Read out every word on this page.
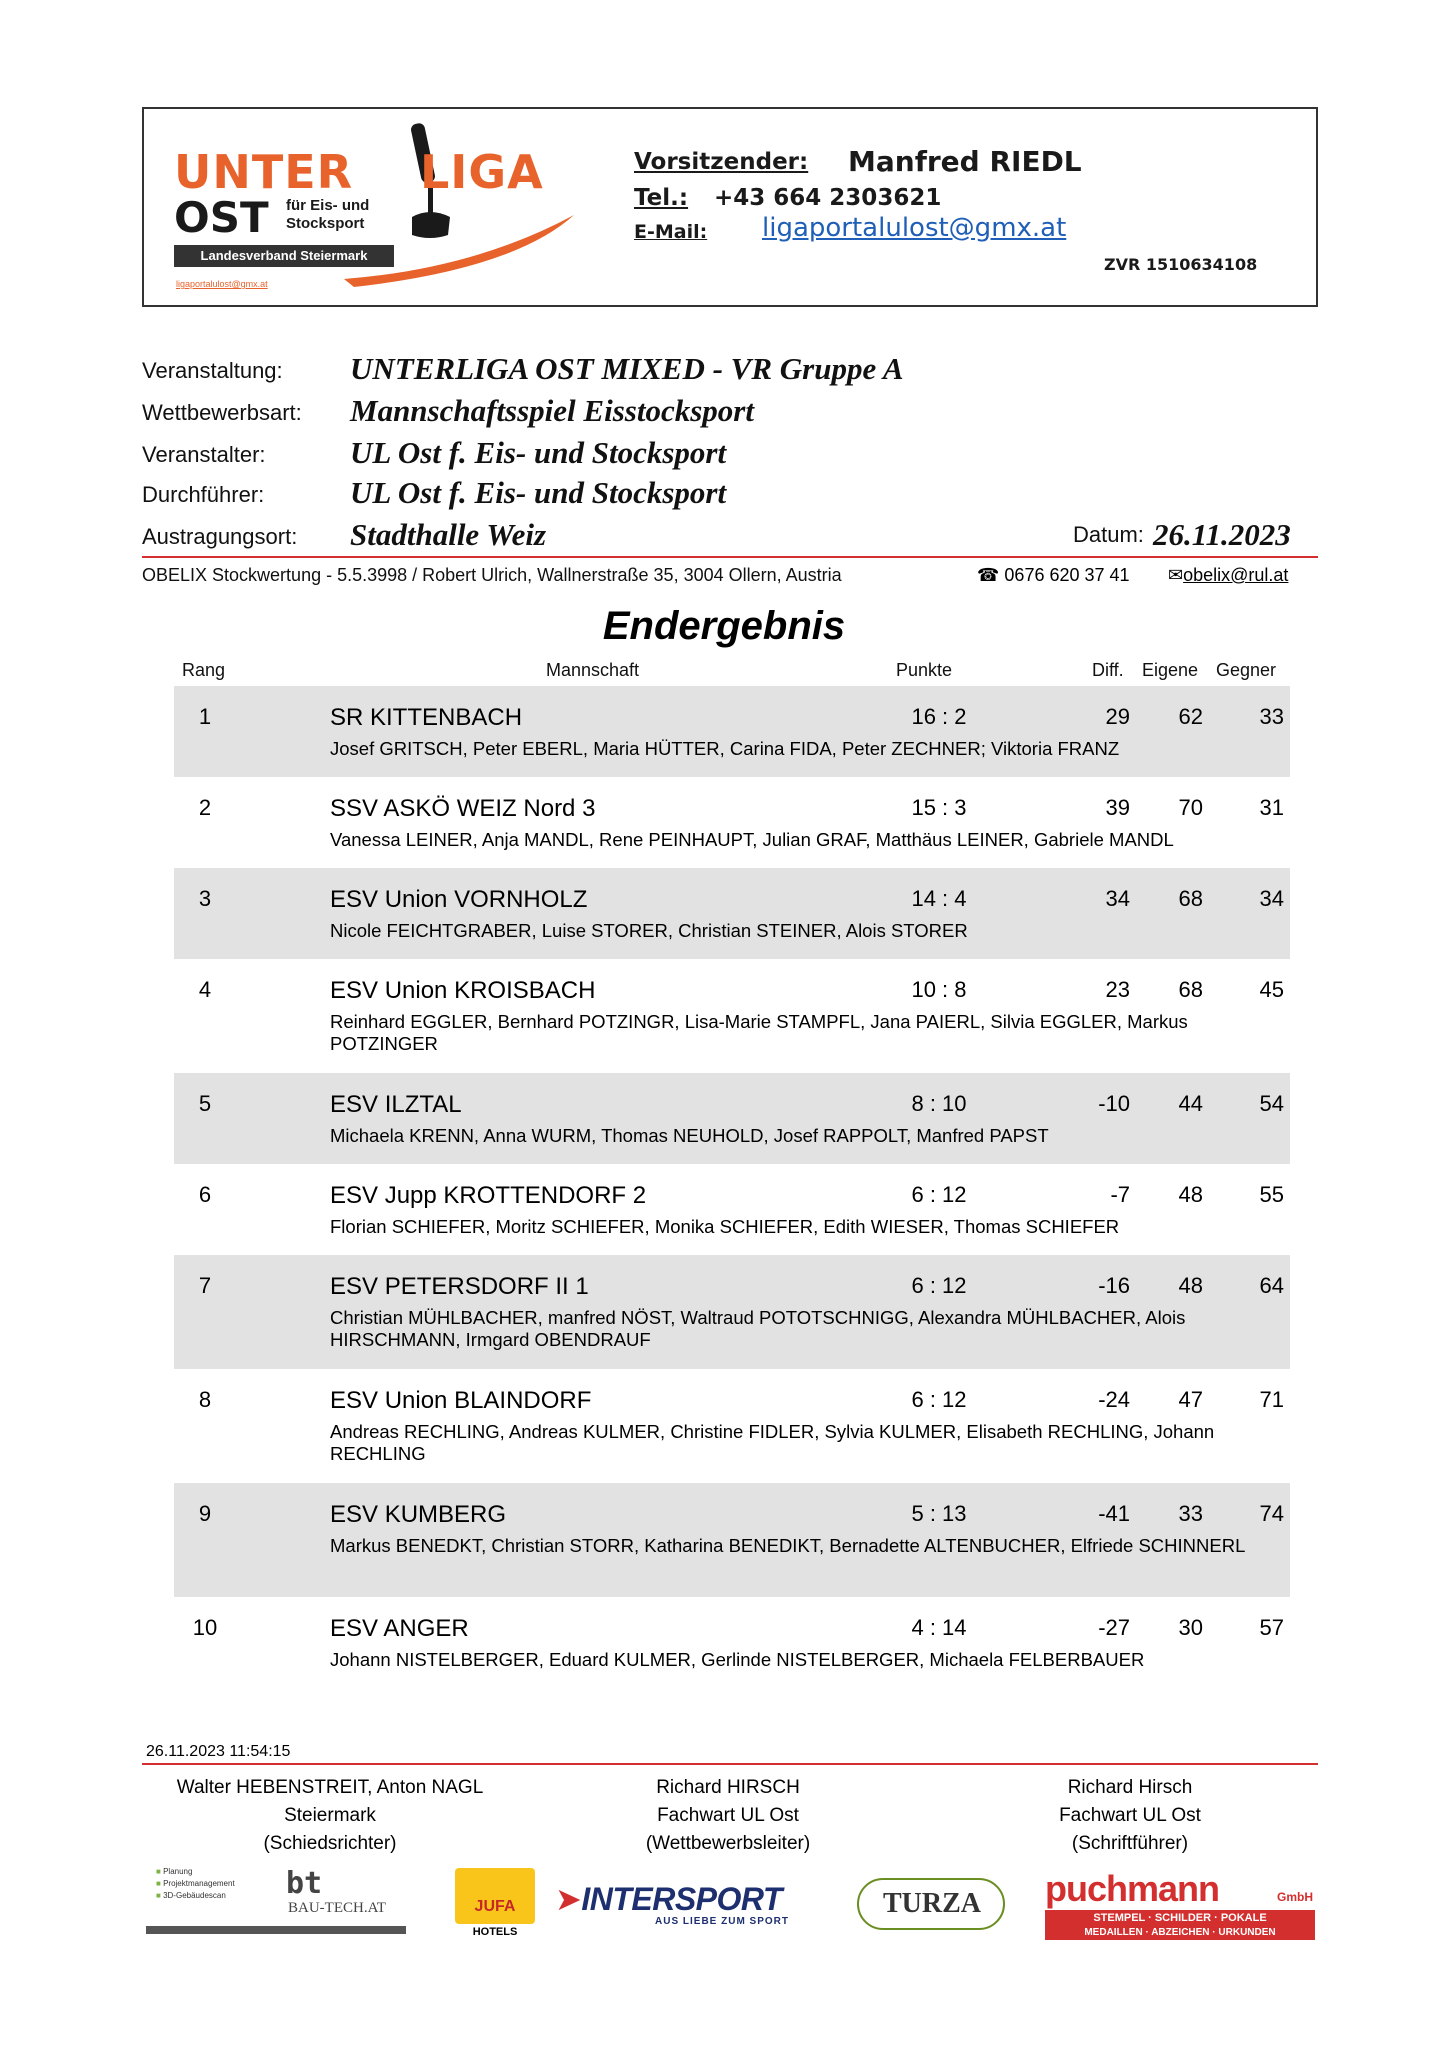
UNTER LIGA
OST für Eis- und Stocksport
Landesverband Steiermark
ligaportalulost@gmx.at
Vorsitzender: Manfred RIEDL
Tel.: +43 664 2303621
E-Mail: ligaportalulost@gmx.at
ZVR 1510634108
Veranstaltung: UNTERLIGA OST MIXED - VR Gruppe A
Wettbewerbsart: Mannschaftsspiel Eisstocksport
Veranstalter:	UL Ost f. Eis- und Stocksport
Durchführer:	UL Ost f. Eis- und Stocksport
Austragungsort: Stadthalle Weiz	Datum: 26.11.2023
OBELIX Stockwertung - 5.5.3998 / Robert Ulrich, Wallnerstraße 35, 3004 Ollern, Austria	☎ 0676 620 37 41 ✉obelix@rul.at
Endergebnis
Rang	Mannschaft	Punkte	Diff. Eigene Gegner
1	SR KITTENBACH	16 : 2	29	62	33
Josef GRITSCH, Peter EBERL, Maria HÜTTER, Carina FIDA, Peter ZECHNER; Viktoria FRANZ
2	SSV ASKÖ WEIZ Nord 3	15 : 3	39	70	31
Vanessa LEINER, Anja MANDL, Rene PEINHAUPT, Julian GRAF, Matthäus LEINER, Gabriele MANDL
3	ESV Union VORNHOLZ	14 : 4	34	68	34
Nicole FEICHTGRABER, Luise STORER, Christian STEINER, Alois STORER
4	ESV Union KROISBACH	10 : 8	23	68	45
Reinhard EGGLER, Bernhard POTZINGR, Lisa-Marie STAMPFL, Jana PAIERL, Silvia EGGLER, Markus POTZINGER
5	ESV ILZTAL	8 : 10	-10	44	54
Michaela KRENN, Anna WURM, Thomas NEUHOLD, Josef RAPPOLT, Manfred PAPST
6	ESV Jupp KROTTENDORF 2	6 : 12	-7	48	55
Florian SCHIEFER, Moritz SCHIEFER, Monika SCHIEFER, Edith WIESER, Thomas SCHIEFER
7	ESV PETERSDORF II 1	6 : 12	-16	48	64
Christian MÜHLBACHER, manfred NÖST, Waltraud POTOTSCHNIGG, Alexandra MÜHLBACHER, Alois HIRSCHMANN, Irmgard OBENDRAUF
8	ESV Union BLAINDORF	6 : 12	-24	47	71
Andreas RECHLING, Andreas KULMER, Christine FIDLER, Sylvia KULMER, Elisabeth RECHLING, Johann RECHLING
9	ESV KUMBERG	5 : 13	-41	33	74
Markus BENEDKT, Christian STORR, Katharina BENEDIKT, Bernadette ALTENBUCHER, Elfriede SCHINNERL
10	ESV ANGER	4 : 14	-27	30	57
Johann NISTELBERGER, Eduard KULMER, Gerlinde NISTELBERGER, Michaela FELBERBAUER
26.11.2023 11:54:15
Walter HEBENSTREIT, Anton NAGL
Steiermark
(Schiedsrichter)
Richard HIRSCH
Fachwart UL Ost
(Wettbewerbsleiter)
Richard Hirsch
Fachwart UL Ost
(Schriftführer)
■ Planung
■ Projektmanagement
■ 3D-Gebäudescan bt
BAU-TECH.AT	JUFA
HOTELS
➤INTERSPORT
AUS LIEBE ZUM SPORT
TURZA	puchmann	GmbH
STEMPEL · SCHILDER · POKALE
MEDAILLEN · ABZEICHEN · URKUNDEN
